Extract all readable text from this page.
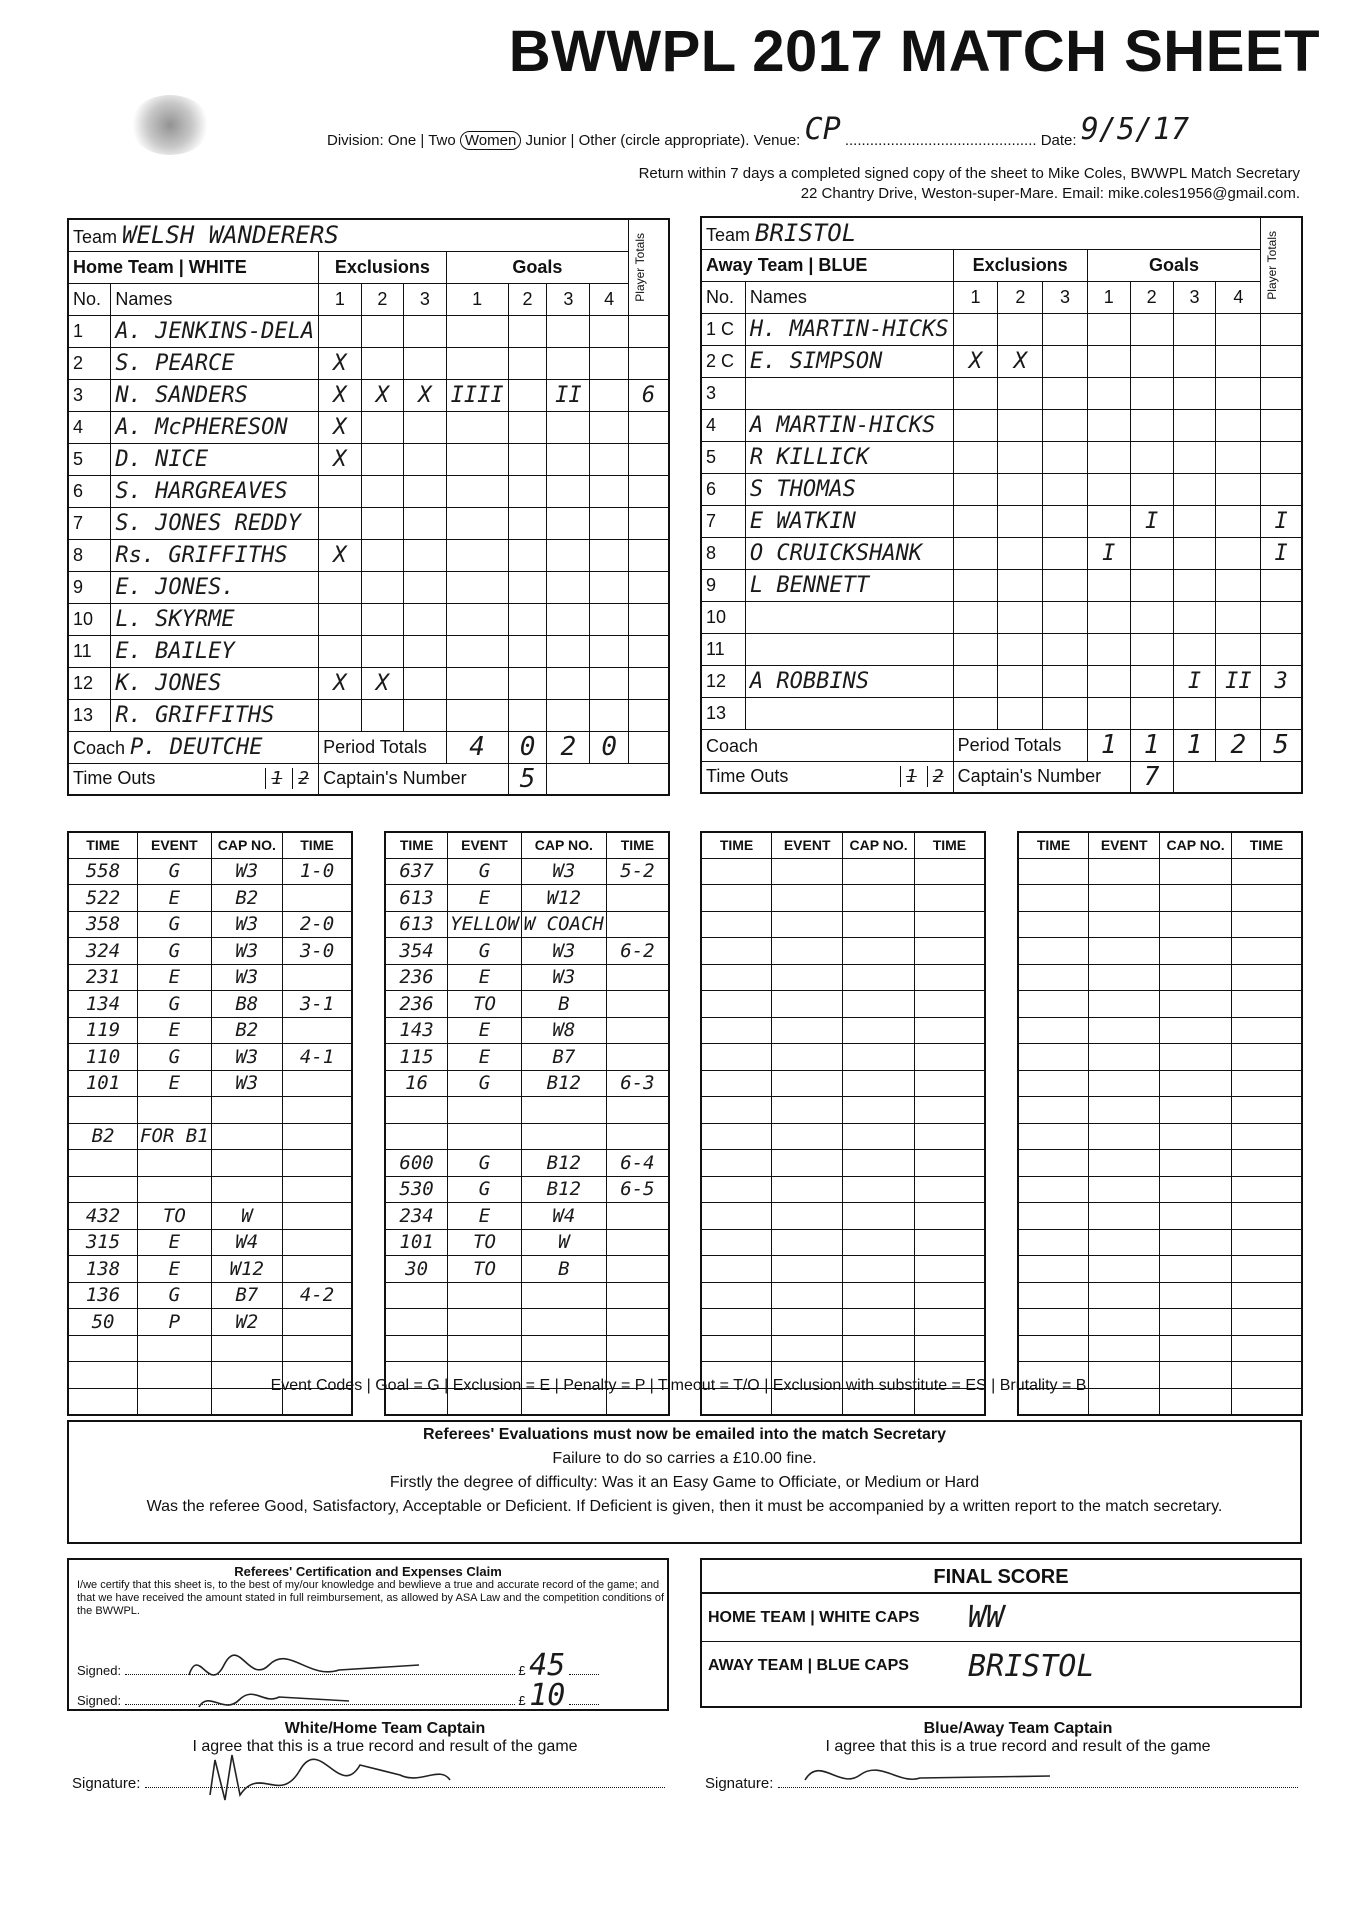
BWWPL 2017 MATCH SHEET
Division: One | Two Women Junior | Other (circle appropriate). Venue: CP .............................................. Date: 9/5/17
Return within 7 days a completed signed copy of the sheet to Mike Coles, BWWPL Match Secretary
22 Chantry Drive, Weston-super-Mare. Email: mike.coles1956@gmail.com.
Team WELSH WANDERERS									Player Totals

Home Team | WHITE		Exclusions			Goals				
No.	Names	1	2	3	1	2	3	4	
1	A. JENKINS-DELA								
2	S. PEARCE	X							
3	N. SANDERS	X	X	X	IIII		II		6
4	A. McPHERESON	X							
5	D. NICE	X							
6	S. HARGREAVES								
7	S. JONES REDDY								
8	Rs. GRIFFITHS	X							
9	E. JONES.								
10	L. SKYRME								
11	E. BAILEY								
12	K. JONES	X	X						
13	R. GRIFFITHS								
Coach P. DEUTCHE		Period Totals			4	0	2	0	
Time Outs 1 2		Captain's Number				5			
Team BRISTOL									Player Totals

Away Team | BLUE		Exclusions			Goals				
No.	Names	1	2	3	1	2	3	4	
1 C	H. MARTIN-HICKS								
2 C	E. SIMPSON	X	X						
3									
4	A MARTIN-HICKS								
5	R KILLICK								
6	S THOMAS								
7	E WATKIN					I			I
8	O CRUICKSHANK				I				I
9	L BENNETT								
10									
11									
12	A ROBBINS						I	II	3
13									
Coach		Period Totals			1	1	1	2	5
Time Outs 1 2		Captain's Number				7			
TIME	EVENT	CAP NO.	TIME
558	G	W3	1-0
522	E	B2	
358	G	W3	2-0
324	G	W3	3-0
231	E	W3	
134	G	B8	3-1
119	E	B2	
110	G	W3	4-1
101	E	W3	

B2	FOR B1		

432	TO	W	
315	E	W4	
138	E	W12	
136	G	B7	4-2
50	P	W2	

TIME	EVENT	CAP NO.	TIME
637	G	W3	5-2
613	E	W12	
613	YELLOW	W COACH	
354	G	W3	6-2
236	E	W3	
236	TO	B	
143	E	W8	
115	E	B7	
16	G	B12	6-3

600	G	B12	6-4
530	G	B12	6-5
234	E	W4	
101	TO	W	
30	TO	B	

TIME	EVENT	CAP NO.	TIME

				TIME	EVENT	CAP NO.	TIME

Event Codes | Goal = G | Exclusion = E | Penalty = P | Timeout = T/O | Exclusion with substitute = ES | Brutality = B
Referees' Evaluations must now be emailed into the match Secretary
Failure to do so carries a £10.00 fine.
Firstly the degree of difficulty: Was it an Easy Game to Officiate, or Medium or Hard
Was the referee Good, Satisfactory, Acceptable or Deficient. If Deficient is given, then it must be accompanied by a written report to the match secretary.
Referees' Certification and Expenses Claim
I/we certify that this sheet is, to the best of my/our knowledge and bewlieve a true and accurate record of the game; and that we have received the amount stated in full reimbursement, as allowed by ASA Law and the competition conditions of the BWWPL.
Signed:	£ 45
Signed:	£ 10
FINAL SCORE
HOME TEAM | WHITE CAPS	WW
AWAY TEAM | BLUE CAPS	BRISTOL
White/Home Team Captain
I agree that this is a true record and result of the game
Blue/Away Team Captain
I agree that this is a true record and result of the game
Signature:	Signature:
